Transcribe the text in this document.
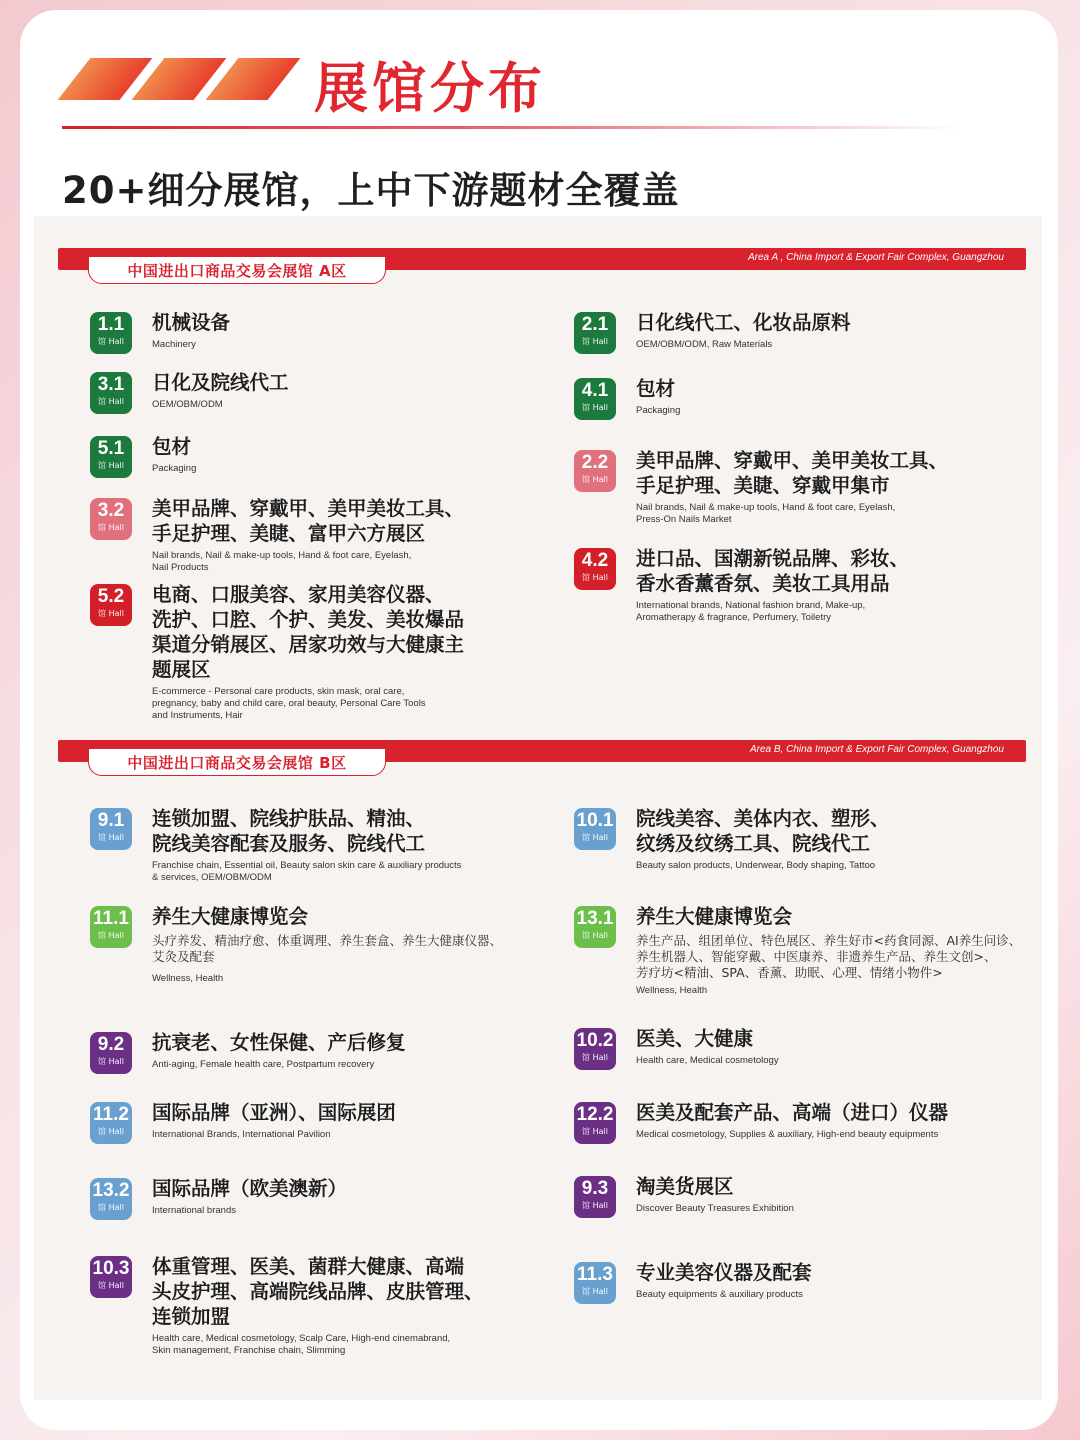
展馆分布
20+细分展馆，上中下游题材全覆盖
Area A , China Import & Export Fair Complex, Guangzhou
中国进出口商品交易会展馆 A区
1.1
馆 Hall

机械设备

Machinery

2.1
馆 Hall

日化线代工、化妆品原料

OEM/OBM/ODM, Raw Materials

3.1
馆 Hall

日化及院线代工

OEM/OBM/ODM

4.1
馆 Hall

包材

Packaging

5.1
馆 Hall

包材

Packaging	2.2
馆 Hall

美甲品牌、穿戴甲、美甲美妆工具、
手足护理、美睫、穿戴甲集市

Nail brands, Nail & make-up tools, Hand & foot care, Eyelash,
Press-On Nails Market

3.2
馆 Hall

美甲品牌、穿戴甲、美甲美妆工具、
手足护理、美睫、富甲六方展区

Nail brands, Nail & make-up tools, Hand & foot care, Eyelash,
Nail Products	4.2
馆 Hall

进口品、国潮新锐品牌、彩妆、
香水香薰香氛、美妆工具用品

International brands, National fashion brand, Make-up,
Aromatherapy & fragrance, Perfumery, Toiletry

5.2
馆 Hall

电商、口服美容、家用美容仪器、
洗护、口腔、个护、美发、美妆爆品
渠道分销展区、居家功效与大健康主
题展区

E-commerce - Personal care products, skin mask, oral care,
pregnancy, baby and child care, oral beauty, Personal Care Tools
and Instruments, Hair

Area B, China Import & Export Fair Complex, Guangzhou
中国进出口商品交易会展馆 B区
9.1
馆 Hall

连锁加盟、院线护肤品、精油、
院线美容配套及服务、院线代工

Franchise chain, Essential oil, Beauty salon skin care & auxiliary products
& services, OEM/OBM/ODM

10.1
馆 Hall

院线美容、美体内衣、塑形、
纹绣及纹绣工具、院线代工

Beauty salon products, Underwear, Body shaping, Tattoo

11.1
馆 Hall

养生大健康博览会

头疗养发、精油疗愈、体重调理、养生套盒、养生大健康仪器、
艾灸及配套

Wellness, Health

13.1
馆 Hall

养生大健康博览会

养生产品、组团单位、特色展区、养生好市<药食同源、AI养生问诊、
养生机器人、智能穿戴、中医康养、非遗养生产品、养生文创>、
芳疗坊<精油、SPA、香薰、助眠、心理、情绪小物件>

Wellness, Health

9.2
馆 Hall

抗衰老、女性保健、产后修复

Anti-aging, Female health care, Postpartum recovery

10.2
馆 Hall

医美、大健康

Health care, Medical cosmetology

11.2
馆 Hall

国际品牌（亚洲）、国际展团

International Brands, International Pavilion

12.2
馆 Hall

医美及配套产品、高端（进口）仪器

Medical cosmetology, Supplies & auxiliary, High-end beauty equipments

13.2
馆 Hall

国际品牌（欧美澳新）

International brands

9.3
馆 Hall

淘美货展区

Discover Beauty Treasures Exhibition

10.3
馆 Hall

体重管理、医美、菌群大健康、高端
头皮护理、高端院线品牌、皮肤管理、
连锁加盟

Health care, Medical cosmetology, Scalp Care, High-end cinemabrand,
Skin management, Franchise chain, Slimming

11.3
馆 Hall

专业美容仪器及配套

Beauty equipments & auxiliary products
